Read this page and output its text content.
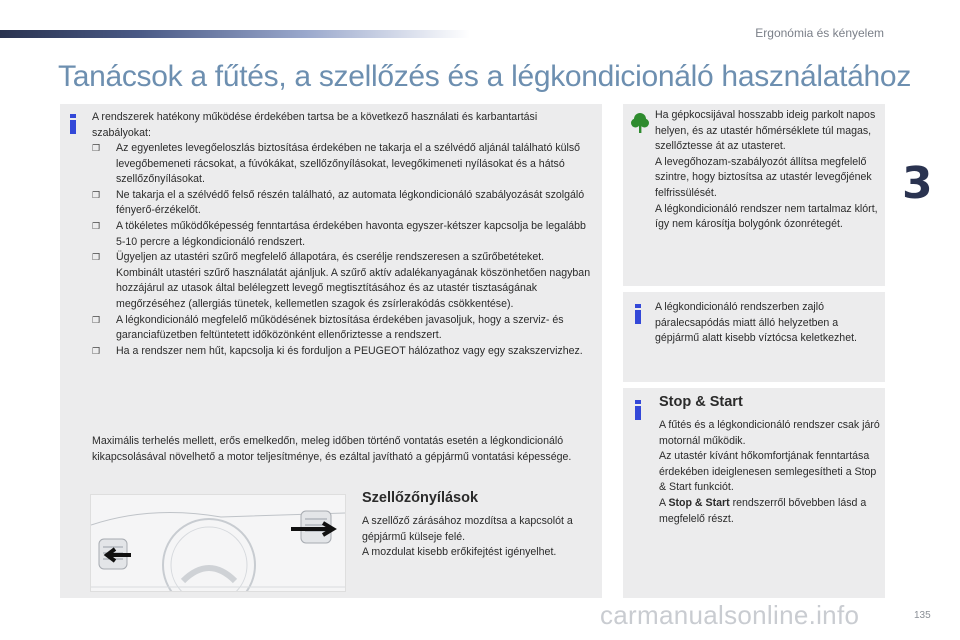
Ergonómia és kényelem
3
Tanácsok a fűtés, a szellőzés és a légkondicionáló használatához

A rendszerek hatékony működése érdekében tartsa be a következő használati és karbantartási szabályokat:

❒ Az egyenletes levegőeloszlás biztosítása érdekében ne takarja el a szélvédő aljánál található külső levegőbemeneti rácsokat, a fúvókákat, szellőzőnyílásokat, levegőkimeneti nyílásokat és a hátsó szellőzőnyílásokat.
❒ Ne takarja el a szélvédő felső részén található, az automata légkondicionáló szabályozását szolgáló fényerő-érzékelőt.
❒ A tökéletes működőképesség fenntartása érdekében havonta egyszer-kétszer kapcsolja be legalább 5-10 percre a légkondicionáló rendszert.
❒ Ügyeljen az utastéri szűrő megfelelő állapotára, és cserélje rendszeresen a szűrőbetéteket.
Kombinált utastéri szűrő használatát ajánljuk. A szűrő aktív adalékanyagának köszönhetően nagyban hozzájárul az utasok által belélegzett levegő megtisztításához és az utastér tisztaságának megőrzéséhez (allergiás tünetek, kellemetlen szagok és zsírlerakódás csökkentése).
❒ A légkondicionáló megfelelő működésének biztosítása érdekében javasoljuk, hogy a szerviz- és garanciafüzetben feltüntetett időközönként ellenőriztesse a rendszert.
❒ Ha a rendszer nem hűt, kapcsolja ki és forduljon a PEUGEOT hálózathoz vagy egy szakszervizhez.

Maximális terhelés mellett, erős emelkedőn, meleg időben történő vontatás esetén a légkondicionáló kikapcsolásával növelhető a motor teljesítménye, és ezáltal javítható a gépjármű vontatási képessége.

Szellőzőnyílások

A szellőző zárásához mozdítsa a kapcsolót a gépjármű külseje felé.
A mozdulat kisebb erőkifejtést igényelhet.

Ha gépkocsijával hosszabb ideig parkolt napos helyen, és az utastér hőmérséklete túl magas, szellőztesse át az utasteret.
A levegőhozam-szabályozót állítsa megfelelő szintre, hogy biztosítsa az utastér levegőjének felfrissülését.
A légkondicionáló rendszer nem tartalmaz klórt, így nem károsítja bolygónk ózonrétegét.

A légkondicionáló rendszerben zajló páralecsapódás miatt álló helyzetben a gépjármű alatt kisebb víztócsa keletkezhet.

Stop & Start

A fűtés és a légkondicionáló rendszer csak járó motornál működik.
Az utastér kívánt hőkomfortjának fenntartása érdekében ideiglenesen semlegesítheti a Stop & Start funkciót.
A Stop & Start rendszerről bővebben lásd a megfelelő részt.

135
carmanualsonline.info
